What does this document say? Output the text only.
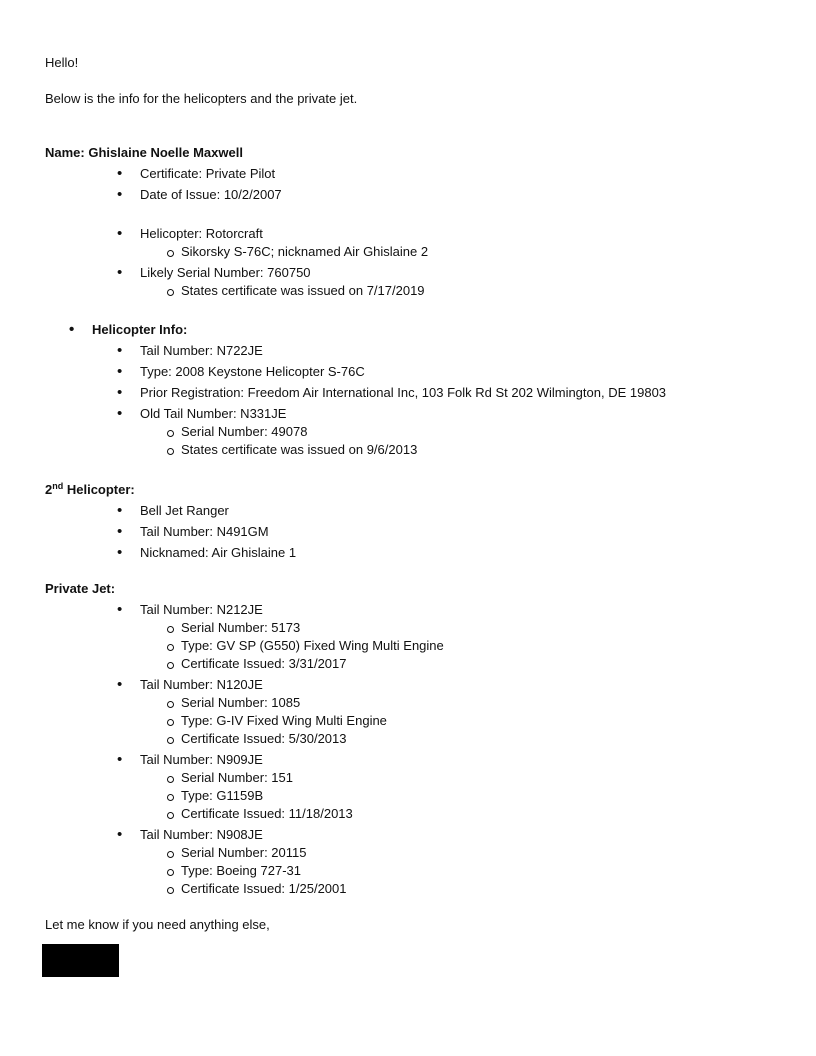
Hello!
Below is the info for the helicopters and the private jet.
Name: Ghislaine Noelle Maxwell
• Certificate: Private Pilot
• Date of Issue: 10/2/2007
• Helicopter: Rotorcraft
Sikorsky S-76C; nicknamed Air Ghislaine 2
• Likely Serial Number: 760750
States certificate was issued on 7/17/2019
• Helicopter Info:
• Tail Number: N722JE
• Type: 2008 Keystone Helicopter S-76C
• Prior Registration: Freedom Air International Inc, 103 Folk Rd St 202 Wilmington, DE 19803
• Old Tail Number: N331JE
Serial Number: 49078
States certificate was issued on 9/6/2013
2nd Helicopter:
• Bell Jet Ranger
• Tail Number: N491GM
• Nicknamed: Air Ghislaine 1
Private Jet:
• Tail Number: N212JE
Serial Number: 5173
Type: GV SP (G550) Fixed Wing Multi Engine
Certificate Issued: 3/31/2017
• Tail Number: N120JE
Serial Number: 1085
Type: G-IV Fixed Wing Multi Engine
Certificate Issued: 5/30/2013
• Tail Number: N909JE
Serial Number: 151
Type: G1159B
Certificate Issued: 11/18/2013
• Tail Number: N908JE
Serial Number: 20115
Type: Boeing 727-31
Certificate Issued: 1/25/2001
Let me know if you need anything else,
